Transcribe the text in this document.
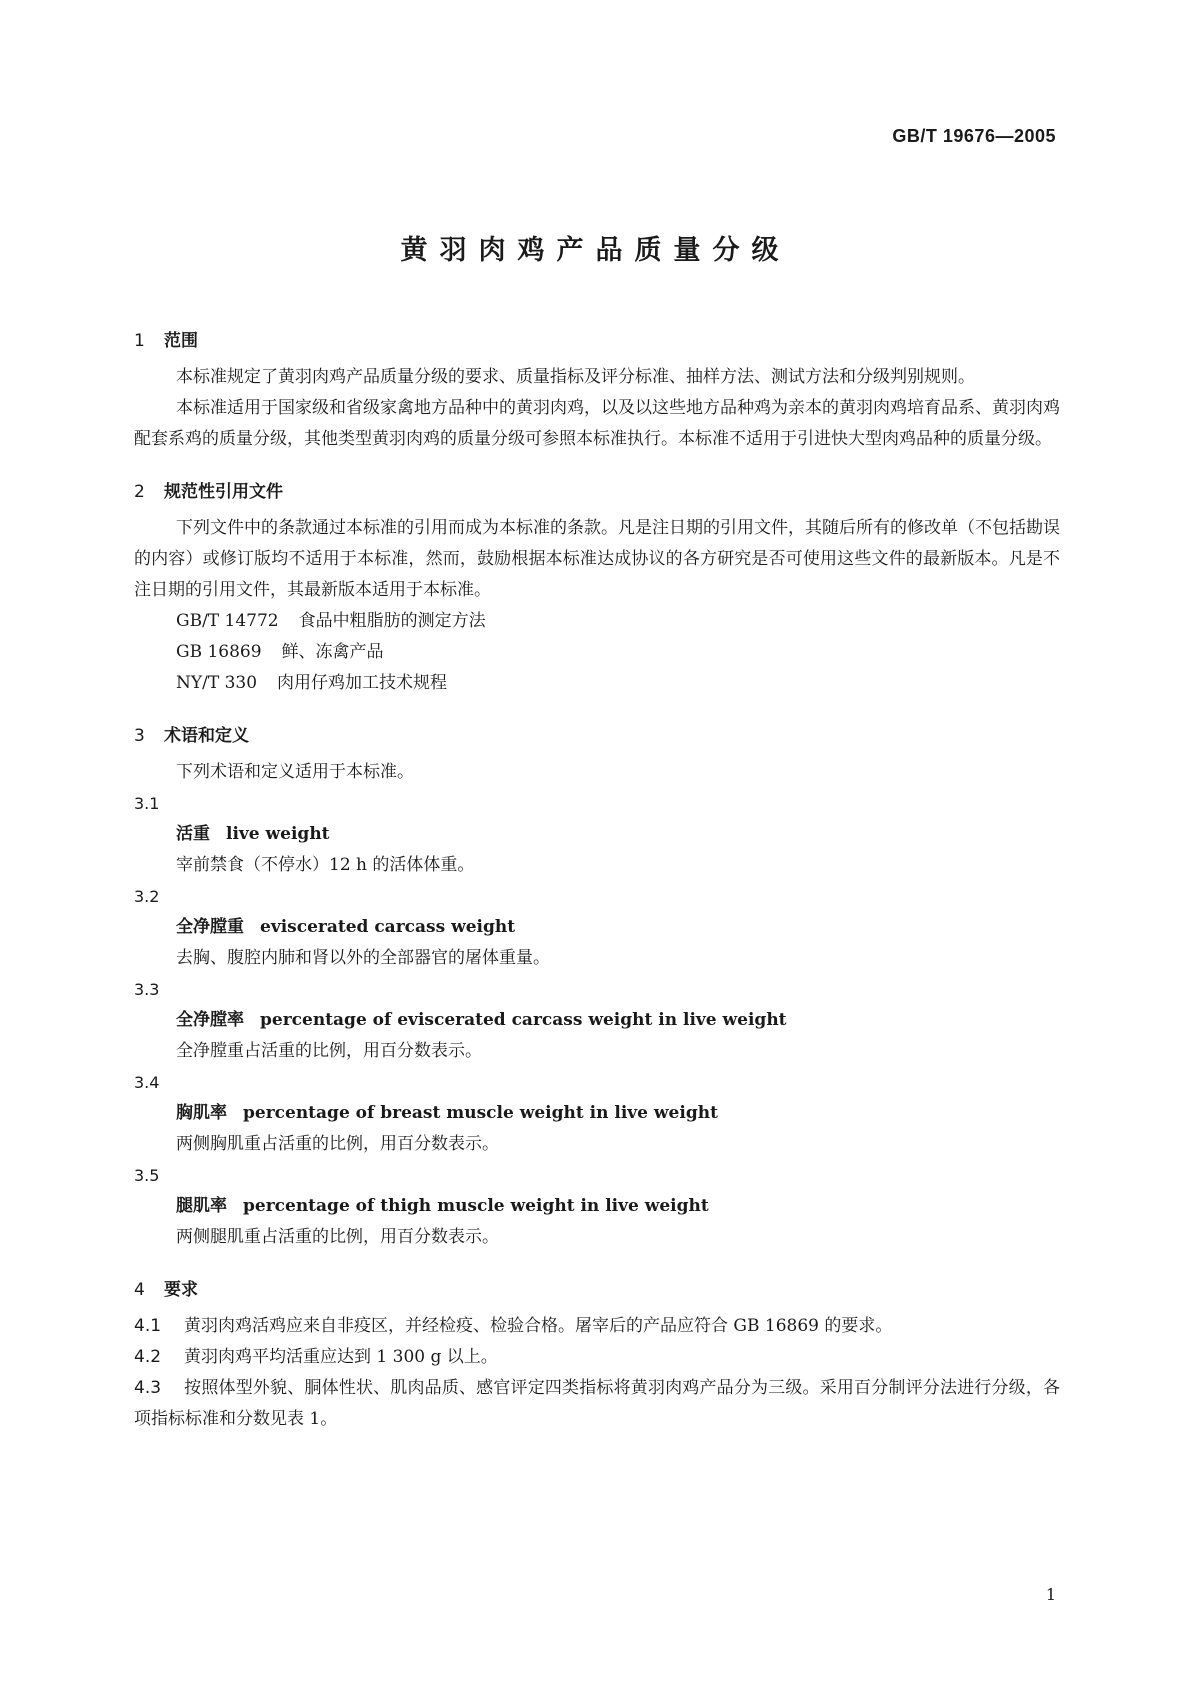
GB/T 19676—2005
黄羽肉鸡产品质量分级
1 范围

本标准规定了黄羽肉鸡产品质量分级的要求、质量指标及评分标准、抽样方法、测试方法和分级判别规则。

本标准适用于国家级和省级家禽地方品种中的黄羽肉鸡，以及以这些地方品种鸡为亲本的黄羽肉鸡培育品系、黄羽肉鸡配套系鸡的质量分级，其他类型黄羽肉鸡的质量分级可参照本标准执行。本标准不适用于引进快大型肉鸡品种的质量分级。

2 规范性引用文件

下列文件中的条款通过本标准的引用而成为本标准的条款。凡是注日期的引用文件，其随后所有的修改单（不包括勘误的内容）或修订版均不适用于本标准，然而，鼓励根据本标准达成协议的各方研究是否可使用这些文件的最新版本。凡是不注日期的引用文件，其最新版本适用于本标准。

GB/T 14772 食品中粗脂肪的测定方法
GB 16869 鲜、冻禽产品
NY/T 330 肉用仔鸡加工技术规程
3 术语和定义

下列术语和定义适用于本标准。

3.1
活重 live weight
宰前禁食（不停水）12 h 的活体体重。
3.2
全净膛重 eviscerated carcass weight
去胸、腹腔内肺和肾以外的全部器官的屠体重量。
3.3
全净膛率 percentage of eviscerated carcass weight in live weight
全净膛重占活重的比例，用百分数表示。
3.4
胸肌率 percentage of breast muscle weight in live weight
两侧胸肌重占活重的比例，用百分数表示。
3.5
腿肌率 percentage of thigh muscle weight in live weight
两侧腿肌重占活重的比例，用百分数表示。
4 要求
4.1 黄羽肉鸡活鸡应来自非疫区，并经检疫、检验合格。屠宰后的产品应符合 GB 16869 的要求。
4.2 黄羽肉鸡平均活重应达到 1 300 g 以上。
4.3 按照体型外貌、胴体性状、肌肉品质、感官评定四类指标将黄羽肉鸡产品分为三级。采用百分制评分法进行分级，各项指标标准和分数见表 1。
1
